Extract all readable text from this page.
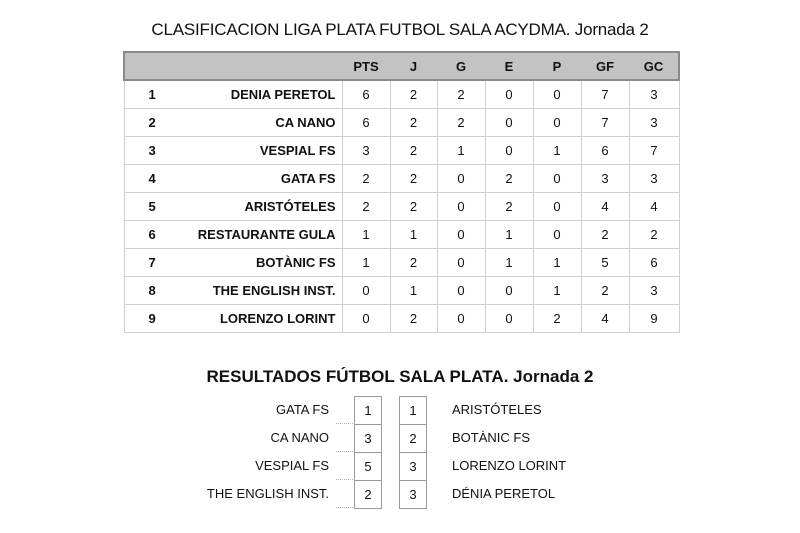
CLASIFICACION LIGA PLATA FUTBOL SALA ACYDMA. Jornada 2
		PTS	J	G	E	P	GF	GC
1	DENIA PERETOL	6	2	2	0	0	7	3
2	CA NANO	6	2	2	0	0	7	3
3	VESPIAL FS	3	2	1	0	1	6	7
4	GATA FS	2	2	0	2	0	3	3
5	ARISTÓTELES	2	2	0	2	0	4	4
6	RESTAURANTE GULA	1	1	0	1	0	2	2
7	BOTÀNIC FS	1	2	0	1	1	5	6
8	THE ENGLISH INST.	0	1	0	0	1	2	3
9	LORENZO LORINT	0	2	0	0	2	4	9
RESULTADOS FÚTBOL SALA PLATA. Jornada 2
GATA FS	1	1	ARISTÓTELES
CA NANO	3	2	BOTÀNIC FS
VESPIAL FS	5	3	LORENZO LORINT
THE ENGLISH INST.	2	3	DÉNIA PERETOL
